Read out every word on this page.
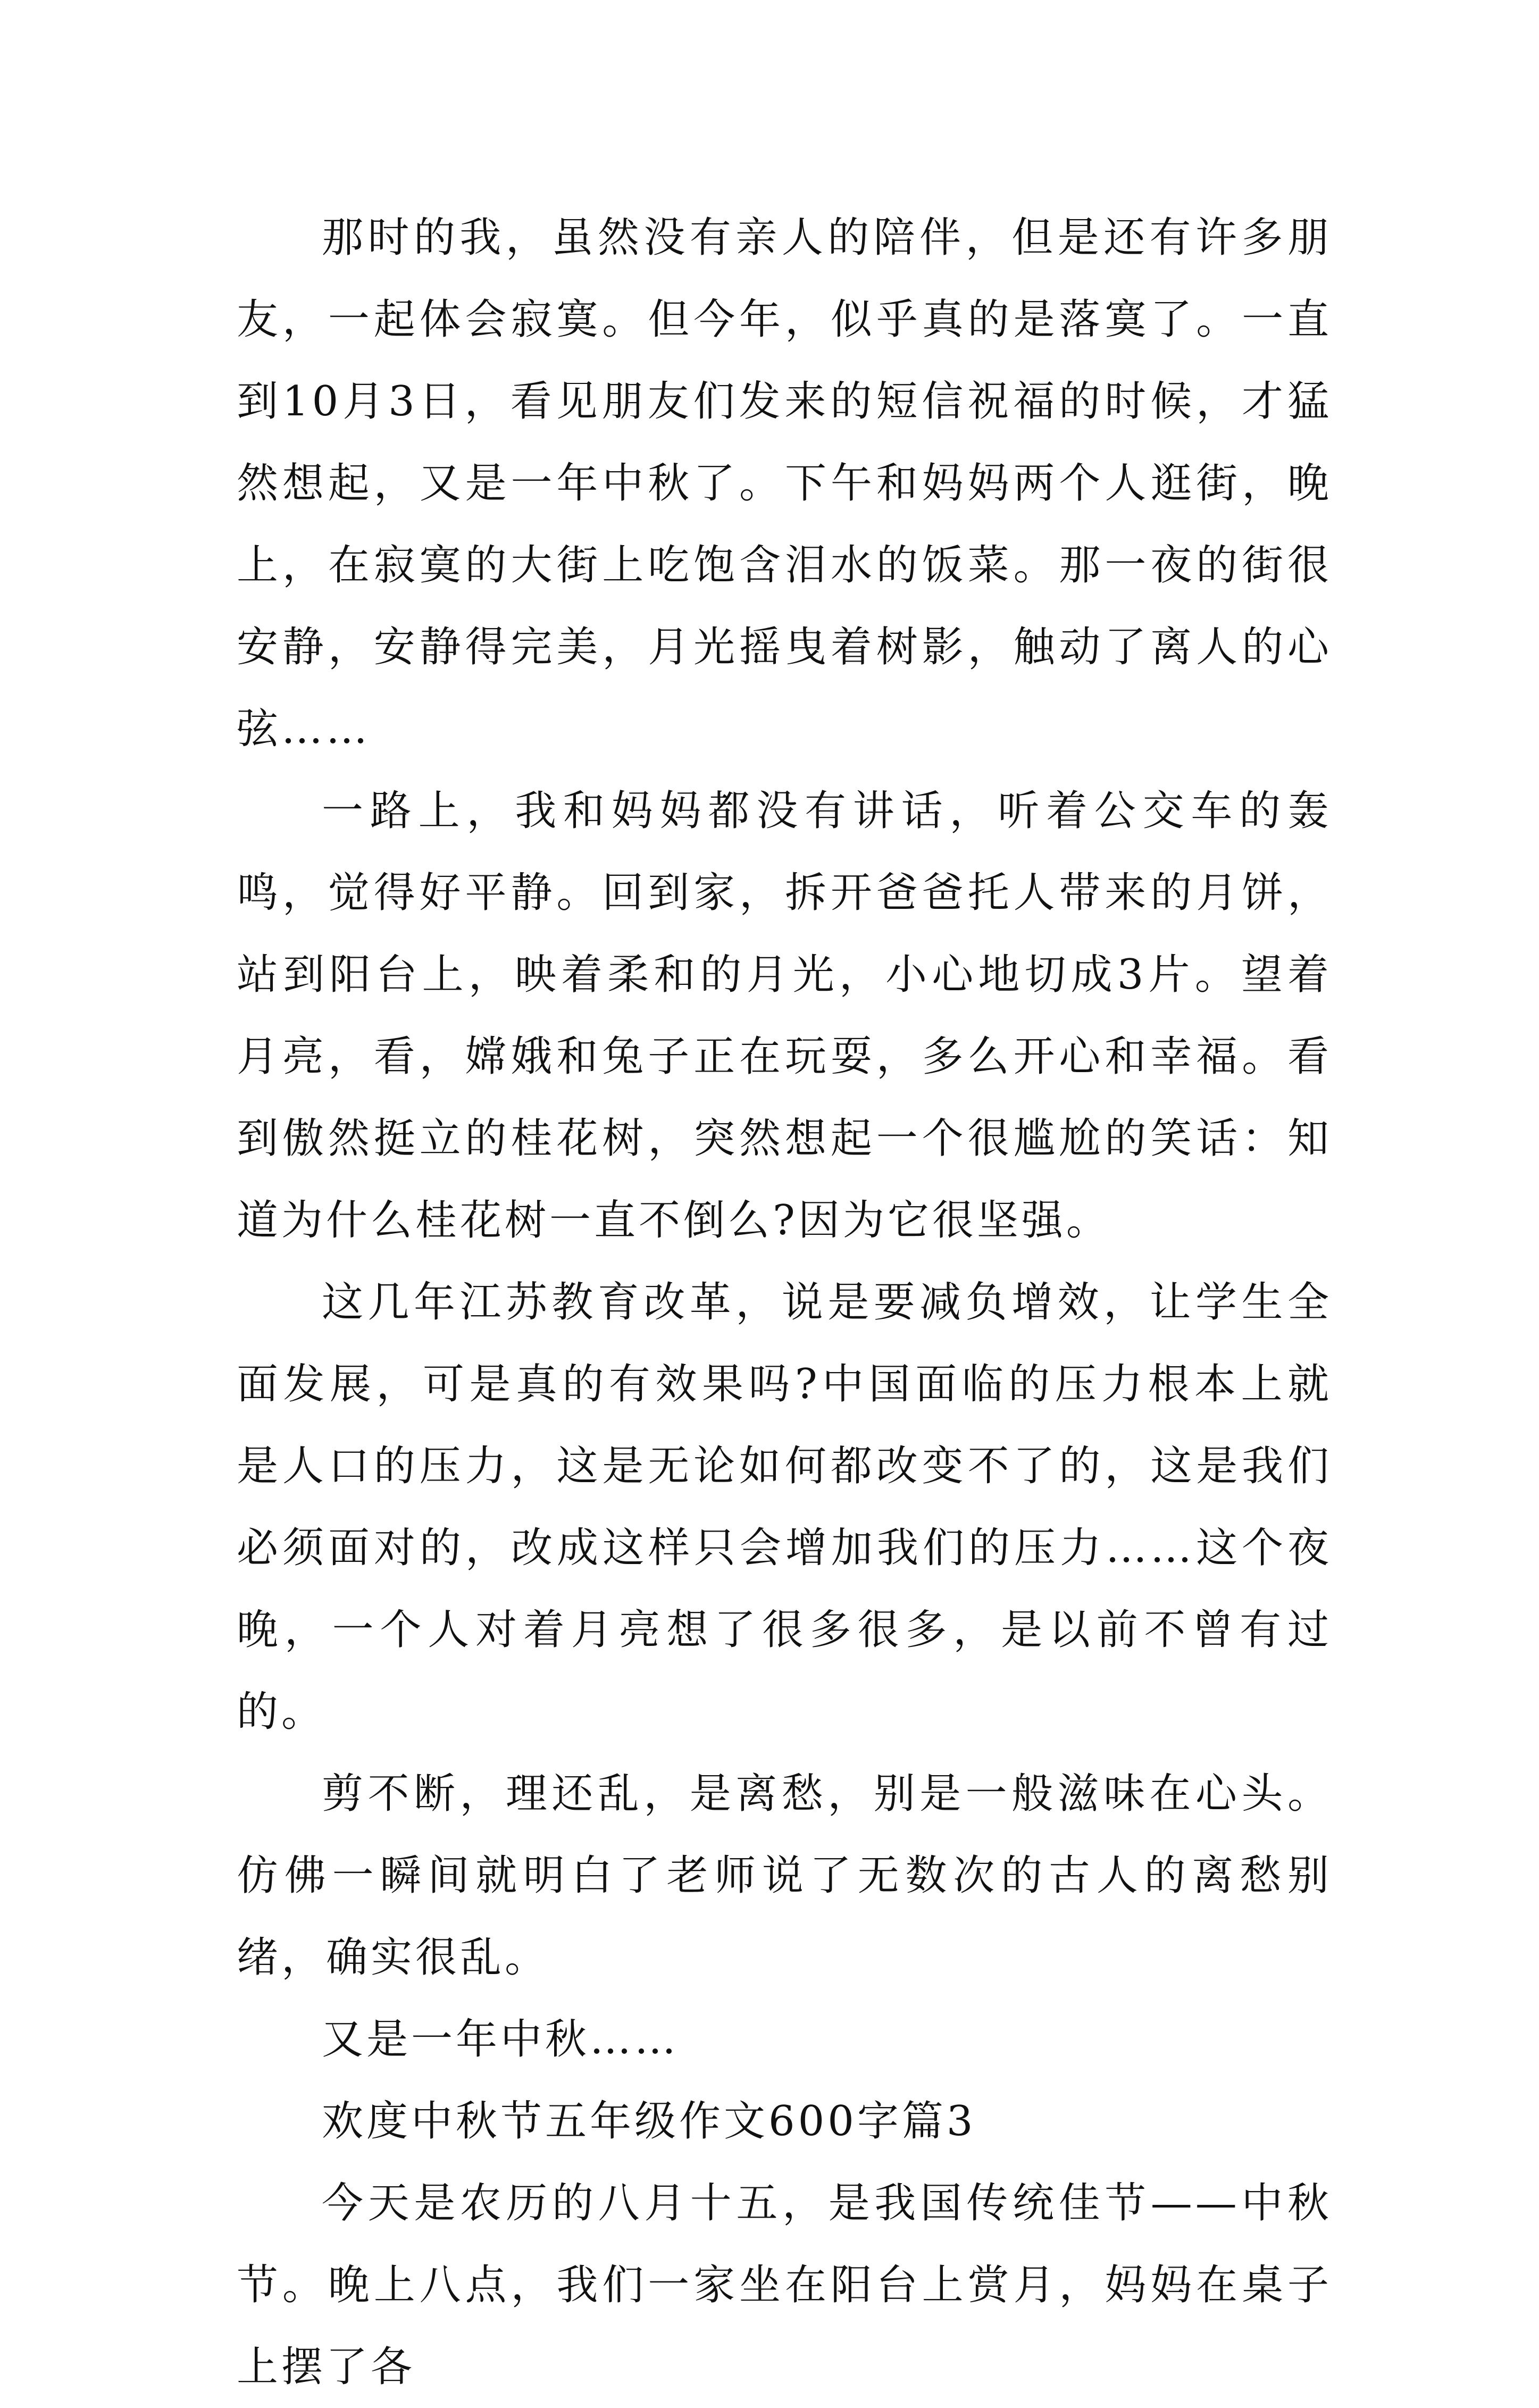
那时的我，虽然没有亲人的陪伴，但是还有许多朋友，一起体会寂寞。但今年，似乎真的是落寞了。一直到10月3日，看见朋友们发来的短信祝福的时候，才猛然想起，又是一年中秋了。下午和妈妈两个人逛街，晚上，在寂寞的大街上吃饱含泪水的饭菜。那一夜的街很安静，安静得完美，月光摇曳着树影，触动了离人的心弦……

一路上，我和妈妈都没有讲话，听着公交车的轰鸣，觉得好平静。回到家，拆开爸爸托人带来的月饼，站到阳台上，映着柔和的月光，小心地切成3片。望着月亮，看，嫦娥和兔子正在玩耍，多么开心和幸福。看到傲然挺立的桂花树，突然想起一个很尴尬的笑话：知道为什么桂花树一直不倒么?因为它很坚强。

这几年江苏教育改革，说是要减负增效，让学生全面发展，可是真的有效果吗?中国面临的压力根本上就是人口的压力，这是无论如何都改变不了的，这是我们必须面对的，改成这样只会增加我们的压力……这个夜晚，一个人对着月亮想了很多很多，是以前不曾有过的。

剪不断，理还乱，是离愁，别是一般滋味在心头。仿佛一瞬间就明白了老师说了无数次的古人的离愁别绪，确实很乱。

又是一年中秋……

欢度中秋节五年级作文600字篇3

今天是农历的八月十五，是我国传统佳节——中秋节。晚上八点，我们一家坐在阳台上赏月，妈妈在桌子上摆了各
